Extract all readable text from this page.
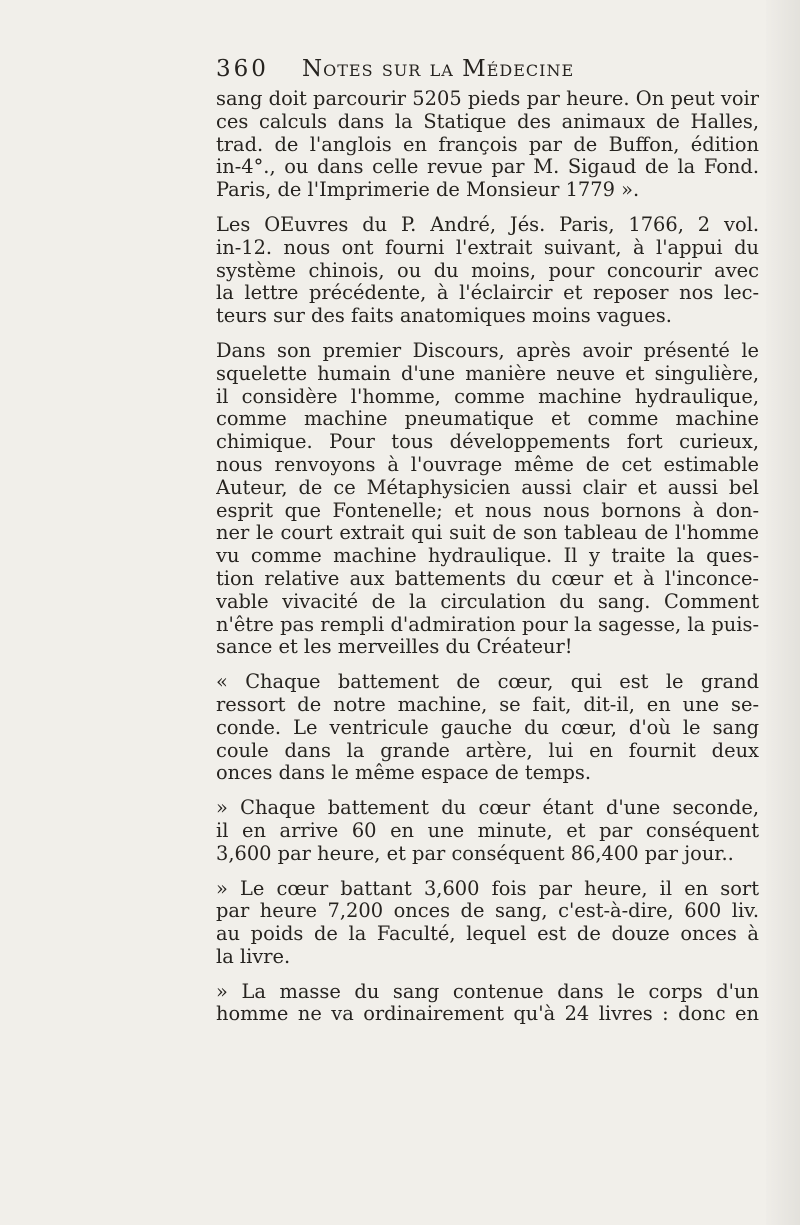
360 Notes sur la Médecine
sang doit parcourir 5205 pieds par heure. On peut voir
ces calculs dans la Statique des animaux de Halles,
trad. de l'anglois en françois par de Buffon, édition
in-4°., ou dans celle revue par M. Sigaud de la Fond.
Paris, de l'Imprimerie de Monsieur 1779 ».
Les OEuvres du P. André, Jés. Paris, 1766, 2 vol.
in-12. nous ont fourni l'extrait suivant, à l'appui du
système chinois, ou du moins, pour concourir avec
la lettre précédente, à l'éclaircir et reposer nos lec-
teurs sur des faits anatomiques moins vagues.
Dans son premier Discours, après avoir présenté le
squelette humain d'une manière neuve et singulière,
il considère l'homme, comme machine hydraulique,
comme machine pneumatique et comme machine
chimique. Pour tous développements fort curieux,
nous renvoyons à l'ouvrage même de cet estimable
Auteur, de ce Métaphysicien aussi clair et aussi bel
esprit que Fontenelle; et nous nous bornons à don-
ner le court extrait qui suit de son tableau de l'homme
vu comme machine hydraulique. Il y traite la ques-
tion relative aux battements du cœur et à l'inconce-
vable vivacité de la circulation du sang. Comment
n'être pas rempli d'admiration pour la sagesse, la puis-
sance et les merveilles du Créateur!
« Chaque battement de cœur, qui est le grand
ressort de notre machine, se fait, dit-il, en une se-
conde. Le ventricule gauche du cœur, d'où le sang
coule dans la grande artère, lui en fournit deux
onces dans le même espace de temps.
» Chaque battement du cœur étant d'une seconde,
il en arrive 60 en une minute, et par conséquent
3,600 par heure, et par conséquent 86,400 par jour..
» Le cœur battant 3,600 fois par heure, il en sort
par heure 7,200 onces de sang, c'est-à-dire, 600 liv.
au poids de la Faculté, lequel est de douze onces à
la livre.
» La masse du sang contenue dans le corps d'un
homme ne va ordinairement qu'à 24 livres : donc en
